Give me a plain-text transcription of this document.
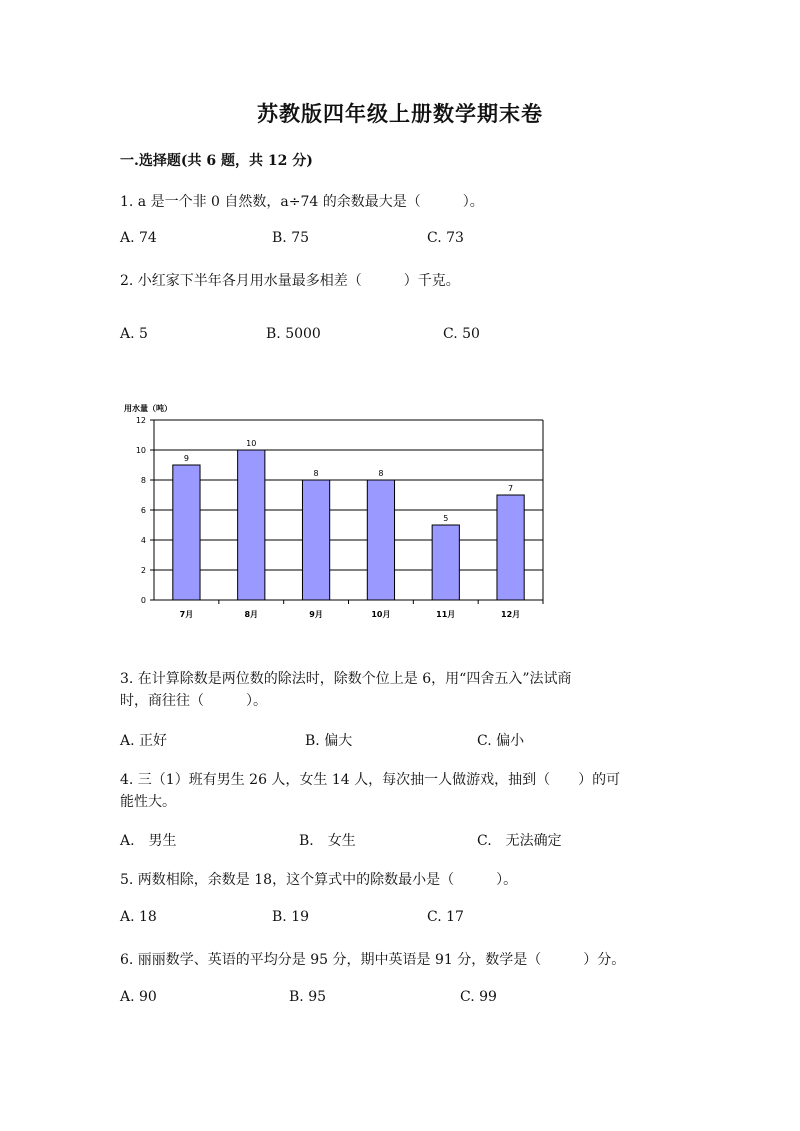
苏教版四年级上册数学期末卷
一.选择题(共 6 题，共 12 分)
1. a 是一个非 0 自然数，a÷74 的余数最大是（　　　）。
A. 74	B. 75	C. 73
2. 小红家下半年各月用水量最多相差（　　　）千克。
A. 5	B. 5000	C. 50
用水量（吨）
0
2
4
6
8
10
12
9
7月
10
8月
8
9月
8
10月
5
11月
7
12月
3. 在计算除数是两位数的除法时，除数个位上是 6，用“四舍五入”法试商
时，商往往（　　　）。
A. 正好	B. 偏大	C. 偏小
4. 三（1）班有男生 26 人，女生 14 人，每次抽一人做游戏，抽到（　　）的可
能性大。
A.　男生	B.　女生	C.　无法确定
5. 两数相除，余数是 18，这个算式中的除数最小是（　　　）。
A. 18	B. 19	C. 17
6. 丽丽数学、英语的平均分是 95 分，期中英语是 91 分，数学是（　　　）分。
A. 90	B. 95	C. 99
